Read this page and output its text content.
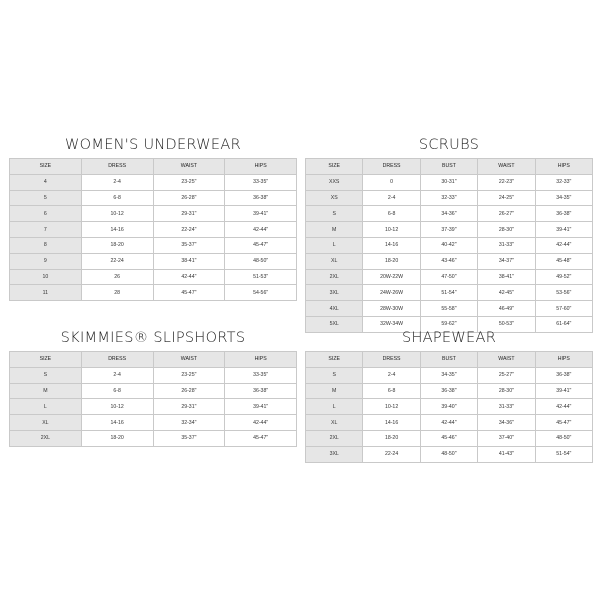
WOMEN'S UNDERWEAR
SIZE	DRESS	WAIST	HIPS
4	2-4	23-25"	33-35"
5	6-8	26-28"	36-38"
6	10-12	29-31"	39-41"
7	14-16	22-24"	42-44"
8	18-20	35-37"	45-47"
9	22-24	38-41"	48-50"
10	26	42-44"	51-53"
11	28	45-47"	54-56"
SCRUBS
SIZE	DRESS	BUST	WAIST	HIPS
XXS	0	30-31"	22-23"	32-33"
XS	2-4	32-33"	24-25"	34-35"
S	6-8	34-36"	26-27"	36-38"
M	10-12	37-39"	28-30"	39-41"
L	14-16	40-42"	31-33"	42-44"
XL	18-20	43-46"	34-37"	45-48"
2XL	20W-22W	47-50"	38-41"	49-52"
3XL	24W-26W	51-54"	42-45"	53-56"
4XL	28W-30W	55-58"	46-49"	57-60"
5XL	32W-34W	59-62"	50-53"	61-64"
SKIMMIES® SLIPSHORTS
SIZE	DRESS	WAIST	HIPS
S	2-4	23-25"	33-35"
M	6-8	26-28"	36-38"
L	10-12	29-31"	39-41"
XL	14-16	32-34"	42-44"
2XL	18-20	35-37"	45-47"
SHAPEWEAR
SIZE	DRESS	BUST	WAIST	HIPS
S	2-4	34-35"	25-27"	36-38"
M	6-8	36-38"	28-30"	39-41"
L	10-12	39-40"	31-33"	42-44"
XL	14-16	42-44"	34-36"	45-47"
2XL	18-20	45-46"	37-40"	48-50"
3XL	22-24	48-50"	41-43"	51-54"
